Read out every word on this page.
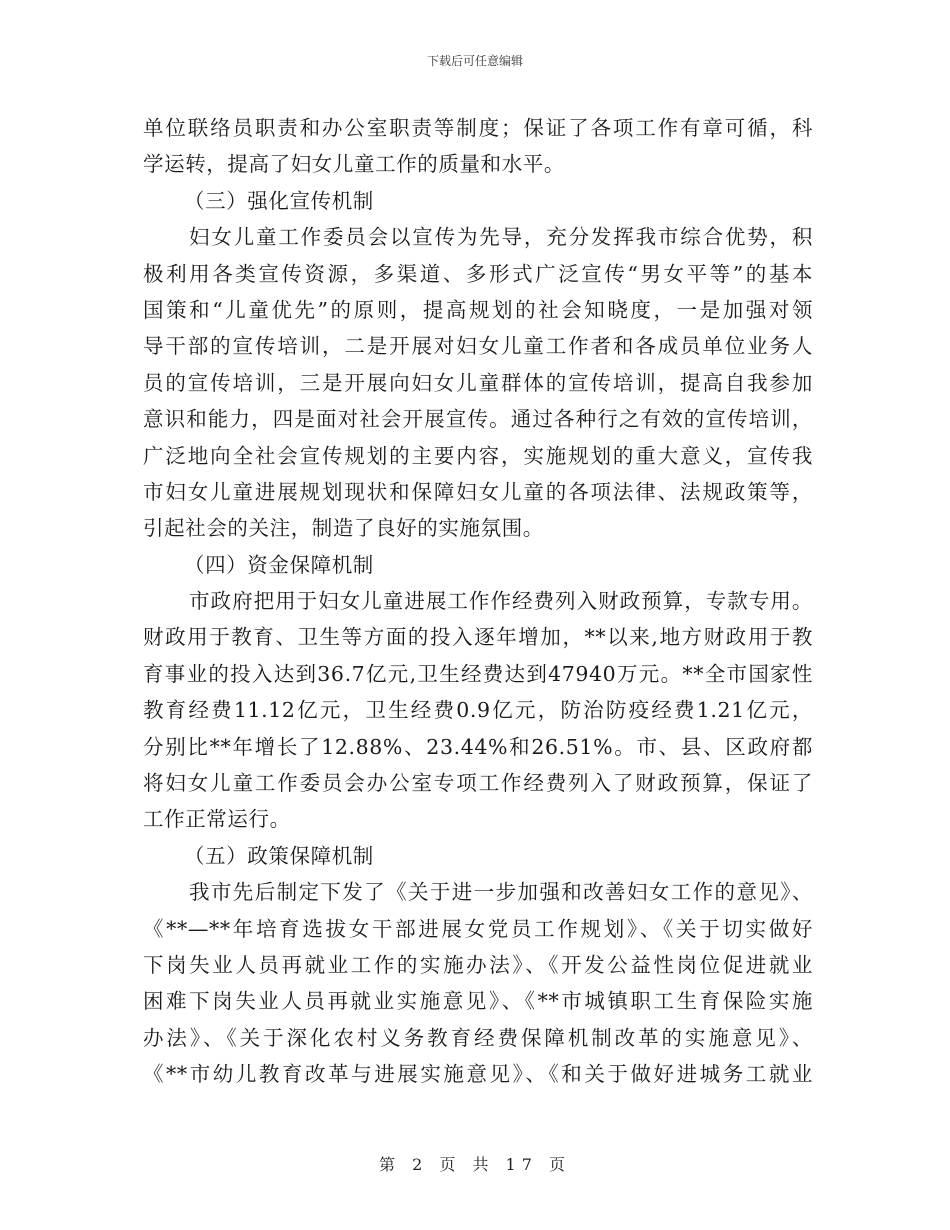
下载后可任意编辑
单位联络员职责和办公室职责等制度；保证了各项工作有章可循，科
学运转，提高了妇女儿童工作的质量和水平。
（三）强化宣传机制
妇女儿童工作委员会以宣传为先导，充分发挥我市综合优势，积
极利用各类宣传资源，多渠道、多形式广泛宣传“男女平等”的基本
国策和“儿童优先”的原则，提高规划的社会知晓度，一是加强对领
导干部的宣传培训，二是开展对妇女儿童工作者和各成员单位业务人
员的宣传培训，三是开展向妇女儿童群体的宣传培训，提高自我参加
意识和能力，四是面对社会开展宣传。通过各种行之有效的宣传培训，
广泛地向全社会宣传规划的主要内容，实施规划的重大意义，宣传我
市妇女儿童进展规划现状和保障妇女儿童的各项法律、法规政策等，
引起社会的关注，制造了良好的实施氛围。
（四）资金保障机制
市政府把用于妇女儿童进展工作作经费列入财政预算，专款专用。
财政用于教育、卫生等方面的投入逐年增加，**以来,地方财政用于教
育事业的投入达到36.7亿元,卫生经费达到47940万元。**全市国家性
教育经费11.12亿元，卫生经费0.9亿元，防治防疫经费1.21亿元，
分别比**年增长了12.88%、23.44%和26.51%。市、县、区政府都
将妇女儿童工作委员会办公室专项工作经费列入了财政预算，保证了
工作正常运行。
（五）政策保障机制
我市先后制定下发了《关于进一步加强和改善妇女工作的意见》、
《**—**年培育选拔女干部进展女党员工作规划》、《关于切实做好
下岗失业人员再就业工作的实施办法》、《开发公益性岗位促进就业
困难下岗失业人员再就业实施意见》、《**市城镇职工生育保险实施
办法》、《关于深化农村义务教育经费保障机制改革的实施意见》、
《**市幼儿教育改革与进展实施意见》、《和关于做好进城务工就业
第 2 页 共 17 页
